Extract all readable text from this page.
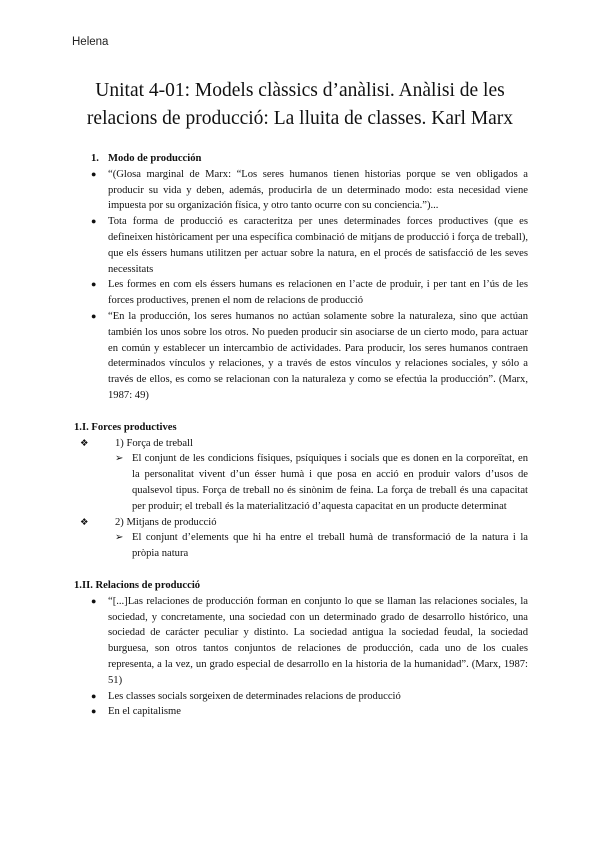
Helena
Unitat 4-01: Models clàssics d’anàlisi. Anàlisi de les relacions de producció: La lluita de classes. Karl Marx
1. Modo de producción
● “(Glosa marginal de Marx: “Los seres humanos tienen historias porque se ven obligados a producir su vida y deben, además, producirla de un determinado modo: esta necesidad viene impuesta por su organización física, y otro tanto ocurre con su conciencia.”)...
● Tota forma de producció es caracteritza per unes determinades forces productives (que es defineixen històricament per una específica combinació de mitjans de producció i força de treball), que els éssers humans utilitzen per actuar sobre la natura, en el procés de satisfacció de les seves necessitats
● Les formes en com els éssers humans es relacionen en l’acte de produir, i per tant en l’ús de les forces productives, prenen el nom de relacions de producció
● “En la producción, los seres humanos no actúan solamente sobre la naturaleza, sino que actúan también los unos sobre los otros. No pueden producir sin asociarse de un cierto modo, para actuar en común y establecer un intercambio de actividades. Para producir, los seres humanos contraen determinados vínculos y relaciones, y a través de estos vínculos y relaciones sociales, y sólo a través de ellos, es como se relacionan con la naturaleza y como se efectúa la producción”. (Marx, 1987: 49)
1.I. Forces productives
❖ 1) Força de treball
➢ El conjunt de les condicions físiques, psíquiques i socials que es donen en la corporeïtat, en la personalitat vivent d’un ésser humà i que posa en acció en produir valors d’usos de qualsevol tipus. Força de treball no és sinònim de feina. La força de treball és una capacitat per produir; el treball és la materialització d’aquesta capacitat en un producte determinat
❖ 2) Mitjans de producció
➢ El conjunt d’elements que hi ha entre el treball humà de transformació de la natura i la pròpia natura
1.II. Relacions de producció
● “[...]Las relaciones de producción forman en conjunto lo que se llaman las relaciones sociales, la sociedad, y concretamente, una sociedad con un determinado grado de desarrollo histórico, una sociedad de carácter peculiar y distinto. La sociedad antigua la sociedad feudal, la sociedad burguesa, son otros tantos conjuntos de relaciones de producción, cada uno de los cuales representa, a la vez, un grado especial de desarrollo en la historia de la humanidad”. (Marx, 1987: 51)
● Les classes socials sorgeixen de determinades relacions de producció
● En el capitalisme
